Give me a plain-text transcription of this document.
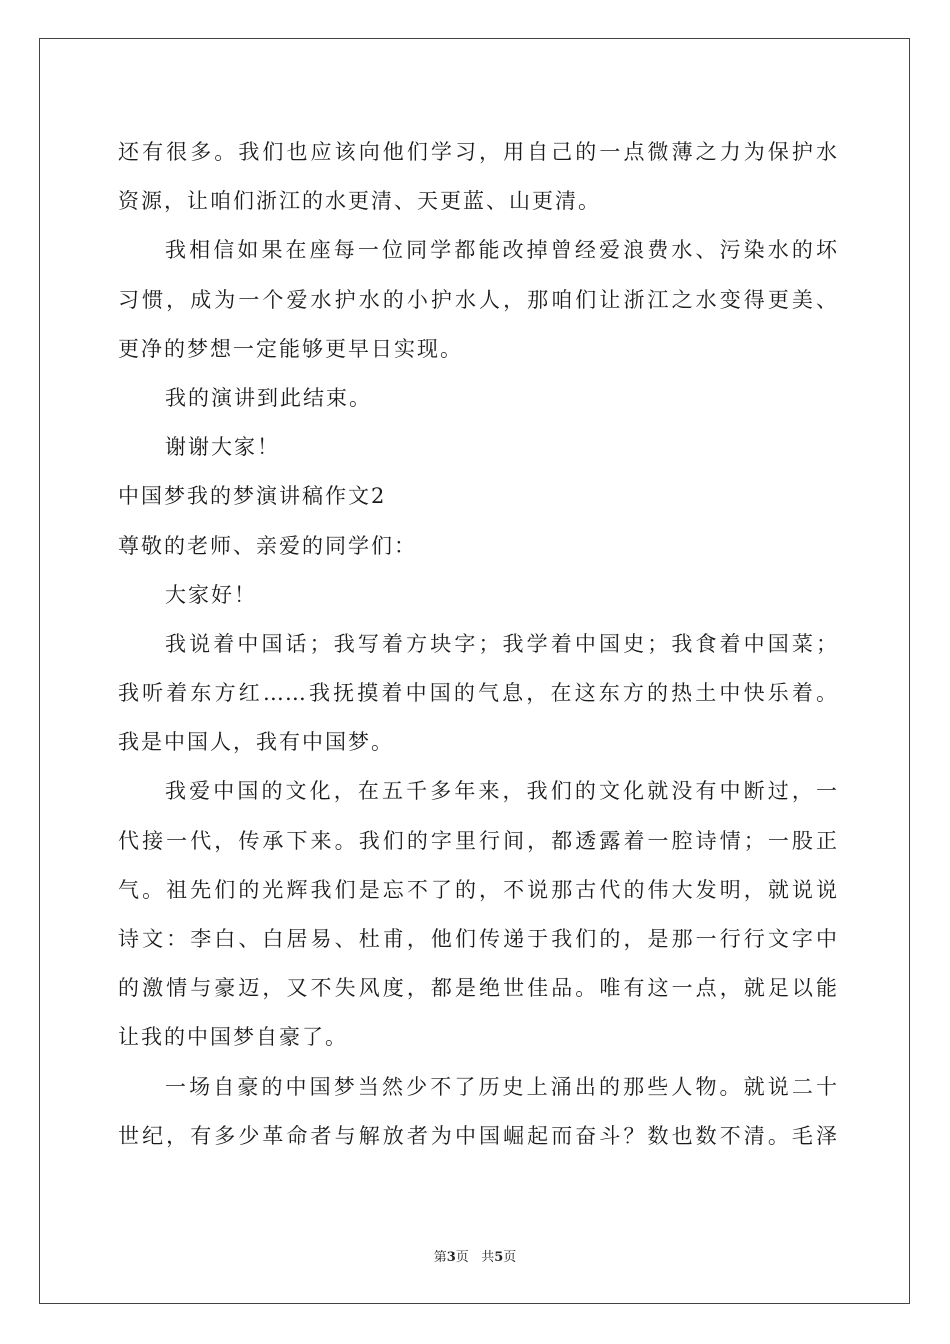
还有很多。我们也应该向他们学习，用自己的一点微薄之力为保护水

资源，让咱们浙江的水更清、天更蓝、山更清。

我相信如果在座每一位同学都能改掉曾经爱浪费水、污染水的坏

习惯，成为一个爱水护水的小护水人，那咱们让浙江之水变得更美、

更净的梦想一定能够更早日实现。

我的演讲到此结束。

谢谢大家！

中国梦我的梦演讲稿作文2

尊敬的老师、亲爱的同学们：

大家好！

我说着中国话；我写着方块字；我学着中国史；我食着中国菜；

我听着东方红……我抚摸着中国的气息，在这东方的热土中快乐着。

我是中国人，我有中国梦。

我爱中国的文化，在五千多年来，我们的文化就没有中断过，一

代接一代，传承下来。我们的字里行间，都透露着一腔诗情；一股正

气。祖先们的光辉我们是忘不了的，不说那古代的伟大发明，就说说

诗文：李白、白居易、杜甫，他们传递于我们的，是那一行行文字中

的激情与豪迈，又不失风度，都是绝世佳品。唯有这一点，就足以能

让我的中国梦自豪了。

一场自豪的中国梦当然少不了历史上涌出的那些人物。就说二十

世纪，有多少革命者与解放者为中国崛起而奋斗？数也数不清。毛泽

第3页 共5页
